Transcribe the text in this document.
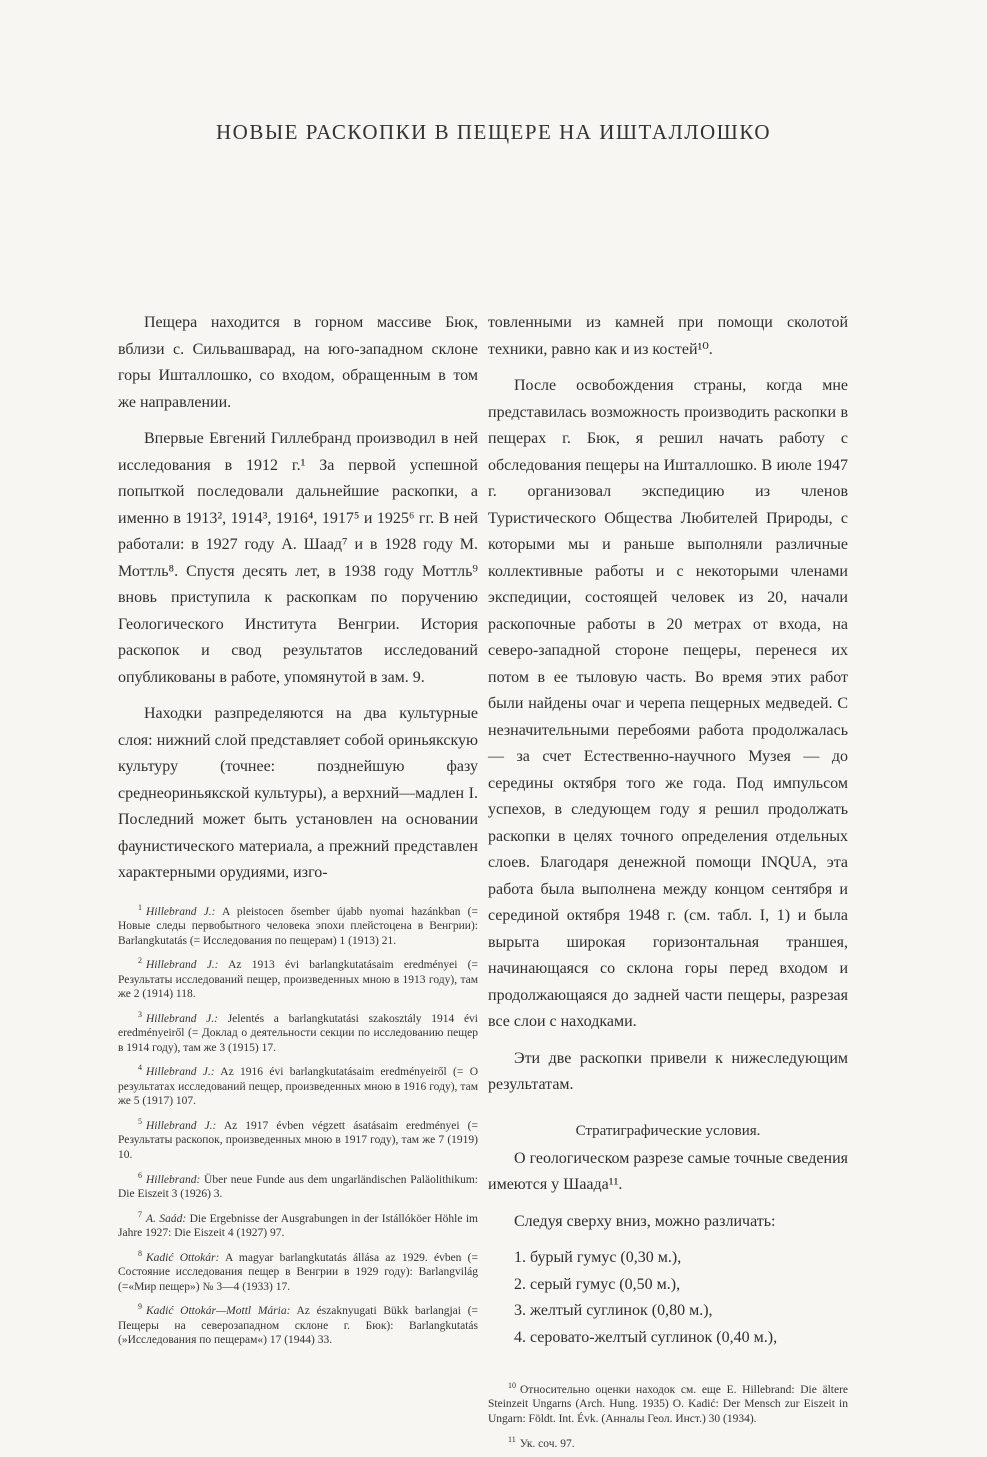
НОВЫЕ РАСКОПКИ В ПЕЩЕРЕ НА ИШТАЛЛОШКО

Пещера находится в горном массиве Бюк, вблизи с. Сильвашварад, на юго-западном склоне горы Ишталлошко, со входом, обращенным в том же направлении.

Впервые Евгений Гиллебранд производил в ней исследования в 1912 г.¹ За первой успешной попыткой последовали дальнейшие раскопки, а именно в 1913², 1914³, 1916⁴, 1917⁵ и 1925⁶ гг. В ней работали: в 1927 году А. Шаад⁷ и в 1928 году М. Моттль⁸. Спустя десять лет, в 1938 году Моттль⁹ вновь приступила к раскопкам по поручению Геологического Института Венгрии. История раскопок и свод результатов исследований опубликованы в работе, упомянутой в зам. 9.

Находки разпределяются на два культурные слоя: нижний слой представляет собой ориньякскую культуру (точнее: позднейшую фазу среднеориньякской культуры), а верхний—мадлен I. Последний может быть установлен на основании фаунистического материала, а прежний представлен характерными орудиями, изго-

$^1$ Hillebrand J.: A pleistocen ősember újabb nyomai hazánkban (= Новые следы первобытного человека эпохи плейстоцена в Венгрии): Barlangkutatás (= Исследования по пещерам) 1 (1913) 21.

$^2$ Hillebrand J.: Az 1913 évi barlangkutatásaim eredményei (= Результаты исследований пещер, произведенных мною в 1913 году), там же 2 (1914) 118.

$^3$ Hillebrand J.: Jelentés a barlangkutatási szakosztály 1914 évi eredményeiről (= Доклад о деятельности секции по исследованию пещер в 1914 году), там же 3 (1915) 17.

$^4$ Hillebrand J.: Az 1916 évi barlangkutatásaim eredményeiről (= О результатах исследований пещер, произведенных мною в 1916 году), там же 5 (1917) 107.

$^5$ Hillebrand J.: Az 1917 évben végzett ásatásaim eredményei (= Результаты раскопок, произведенных мною в 1917 году), там же 7 (1919) 10.

$^6$ Hillebrand: Über neue Funde aus dem ungarländischen Paläolithikum: Die Eiszeit 3 (1926) 3.

$^7$ A. Saád: Die Ergebnisse der Ausgrabungen in der Istállóköer Höhle im Jahre 1927: Die Eiszeit 4 (1927) 97.

$^8$ Kadić Ottokár: A magyar barlangkutatás állása az 1929. évben (= Состояние исследования пещер в Венгрии в 1929 году): Barlangvilág (=«Мир пещер») № 3—4 (1933) 17.

$^9$ Kadić Ottokár—Mottl Mária: Az északnyugati Bükk barlangjai (= Пещеры на северозападном склоне г. Бюк): Barlangkutatás (»Исследования по пещерам«) 17 (1944) 33.

товленными из камней при помощи сколотой техники, равно как и из костей¹⁰.

После освобождения страны, когда мне представилась возможность производить раскопки в пещерах г. Бюк, я решил начать работу с обследования пещеры на Ишталлошко. В июле 1947 г. организовал экспедицию из членов Туристического Общества Любителей Природы, с которыми мы и раньше выполняли различные коллективные работы и с некоторыми членами экспедиции, состоящей человек из 20, начали раскопочные работы в 20 метрах от входа, на северо-западной стороне пещеры, перенеся их потом в ее тыловую часть. Во время этих работ были найдены очаг и черепа пещерных медведей. С незначительными перебоями работа продолжалась — за счет Естественно-научного Музея — до середины октября того же года. Под импульсом успехов, в следующем году я решил продолжать раскопки в целях точного определения отдельных слоев. Благодаря денежной помощи INQUA, эта работа была выполнена между концом сентября и серединой октября 1948 г. (см. табл. I, 1) и была вырыта широкая горизонтальная траншея, начинающаяся со склона горы перед входом и продолжающаяся до задней части пещеры, разрезая все слои с находками.

Эти две раскопки привели к нижеследующим результатам.

Стратиграфические условия.

О геологическом разрезе самые точные сведения имеются у Шаада¹¹.

Следуя сверху вниз, можно различать:

1. бурый гумус (0,30 м.),
2. серый гумус (0,50 м.),
3. желтый суглинок (0,80 м.),
4. серовато-желтый суглинок (0,40 м.),

$^{10}$ Относительно оценки находок см. еще E. Hillebrand: Die ältere Steinzeit Ungarns (Arch. Hung. 1935) O. Kadić: Der Mensch zur Eiszeit in Ungarn: Földt. Int. Évk. (Анналы Геол. Инст.) 30 (1934).

$^{11}$ Ук. соч. 97.
